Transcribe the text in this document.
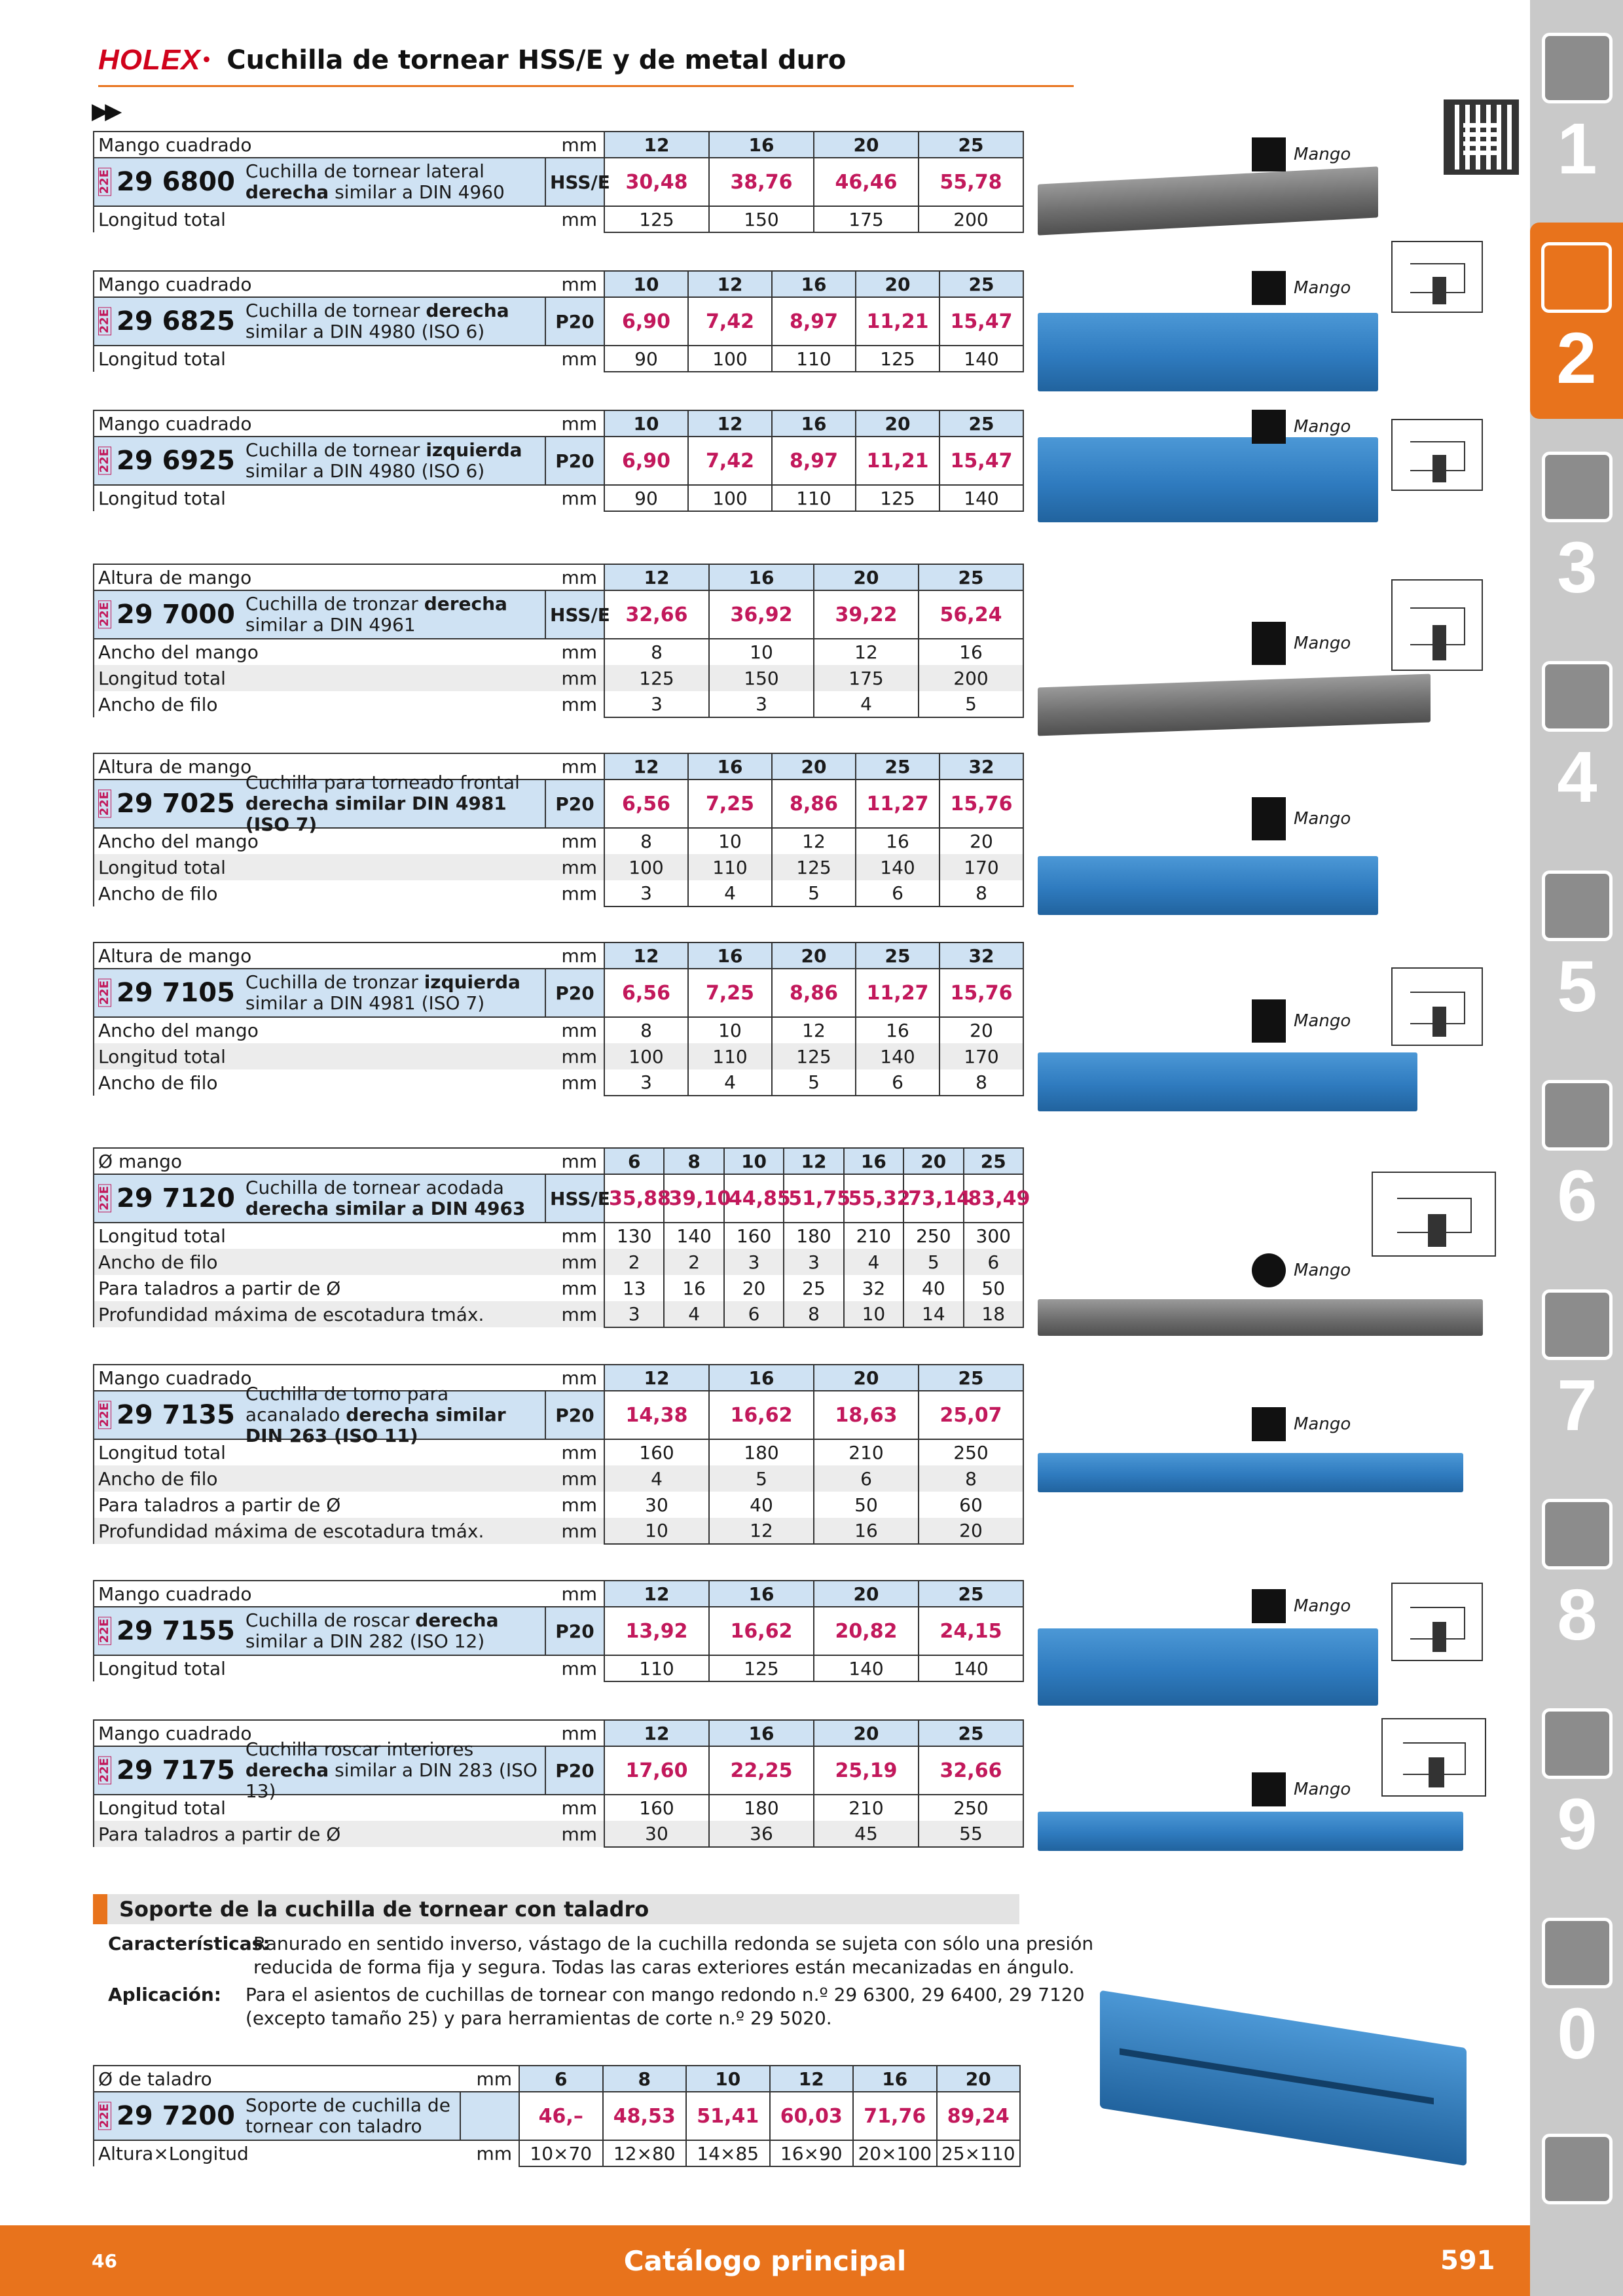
HOLEX • Cuchilla de tornear HSS/E y de metal duro
▶▶
Mango cuadrado	mm	12	16	20	25

22E 29 6800 Cuchilla de tornear lateral derecha similar a DIN 4960	HSS/E	30,48	38,76	46,46	55,78
Longitud total	mm	125	150	175	200
Mango cuadrado	mm	10	12	16	20	25

22E 29 6825 Cuchilla de tornear derecha similar a DIN 4980 (ISO 6)	P20	6,90	7,42	8,97	11,21	15,47
Longitud total	mm	90	100	110	125	140
Mango cuadrado	mm	10	12	16	20	25

22E 29 6925 Cuchilla de tornear izquierda similar a DIN 4980 (ISO 6)	P20	6,90	7,42	8,97	11,21	15,47
Longitud total	mm	90	100	110	125	140
Altura de mango	mm	12	16	20	25

22E 29 7000 Cuchilla de tronzar derecha similar a DIN 4961	HSS/E	32,66	36,92	39,22	56,24
Ancho del mango	mm	8	10	12	16
Longitud total	mm	125	150	175	200
Ancho de filo	mm	3	3	4	5
Altura de mango	mm	12	16	20	25	32

22E 29 7025
Cuchilla para torneado frontal derecha similar DIN 4981 (ISO 7)	P20	6,56	7,25	8,86	11,27	15,76
Ancho del mango	mm	8	10	12	16	20
Longitud total	mm	100	110	125	140	170
Ancho de filo	mm	3	4	5	6	8
Altura de mango	mm	12	16	20	25	32

22E 29 7105 Cuchilla de tronzar izquierda similar a DIN 4981 (ISO 7)	P20	6,56	7,25	8,86	11,27	15,76
Ancho del mango	mm	8	10	12	16	20
Longitud total	mm	100	110	125	140	170
Ancho de filo	mm	3	4	5	6	8
Ø mango	mm	6	8	10	12	16	20	25

22E 29 7120 Cuchilla de tornear acodada derecha similar a DIN 4963	HSS/E	35,88	39,10	44,85	51,75	55,32	73,14	83,49
Longitud total	mm	130	140	160	180	210	250	300
Ancho de filo	mm	2	2	3	3	4	5	6
Para taladros a partir de Ø	mm	13	16	20	25	32	40	50
Profundidad máxima de escotadura tmáx.	mm	3	4	6	8	10	14	18
Mango cuadrado	mm	12	16	20	25

22E 29 7135
Cuchilla de torno para acanalado derecha similar DIN 263 (ISO 11)	P20	14,38	16,62	18,63	25,07
Longitud total	mm	160	180	210	250
Ancho de filo	mm	4	5	6	8
Para taladros a partir de Ø	mm	30	40	50	60
Profundidad máxima de escotadura tmáx.	mm	10	12	16	20
Mango cuadrado	mm	12	16	20	25

22E 29 7155 Cuchilla de roscar derecha similar a DIN 282 (ISO 12)	P20	13,92	16,62	20,82	24,15
Longitud total	mm	110	125	140	140
Mango cuadrado	mm	12	16	20	25

22E 29 7175
Cuchilla roscar interiores derecha similar a DIN 283 (ISO 13)	P20	17,60	22,25	25,19	32,66
Longitud total	mm	160	180	210	250
Para taladros a partir de Ø	mm	30	36	45	55
Ø de taladro	mm	6	8	10	12	16	20

22E 29 7200 Soporte de cuchilla de tornear con taladro		46,–	48,53	51,41	60,03	71,76	89,24
Altura×Longitud	mm	10×70	12×80	14×85	16×90	20×100	25×110
Mango
Mango
Mango
Mango
Mango
Mango
Mango
Mango
Mango
Mango
Soporte de la cuchilla de tornear con taladro
Características:
Ranurado en sentido inverso, vástago de la cuchilla redonda se sujeta con sólo una presión reducida de forma fija y segura. Todas las caras exteriores están mecanizadas en ángulo.
Aplicación: Para el asientos de cuchillas de tornear con mango redondo n.º 29 6300, 29 6400, 29 7120 (excepto tamaño 25) y para herramientas de corte n.º 29 5020.
1
2
3
4
5
6
7
8
9
0
46	Catálogo principal	591
